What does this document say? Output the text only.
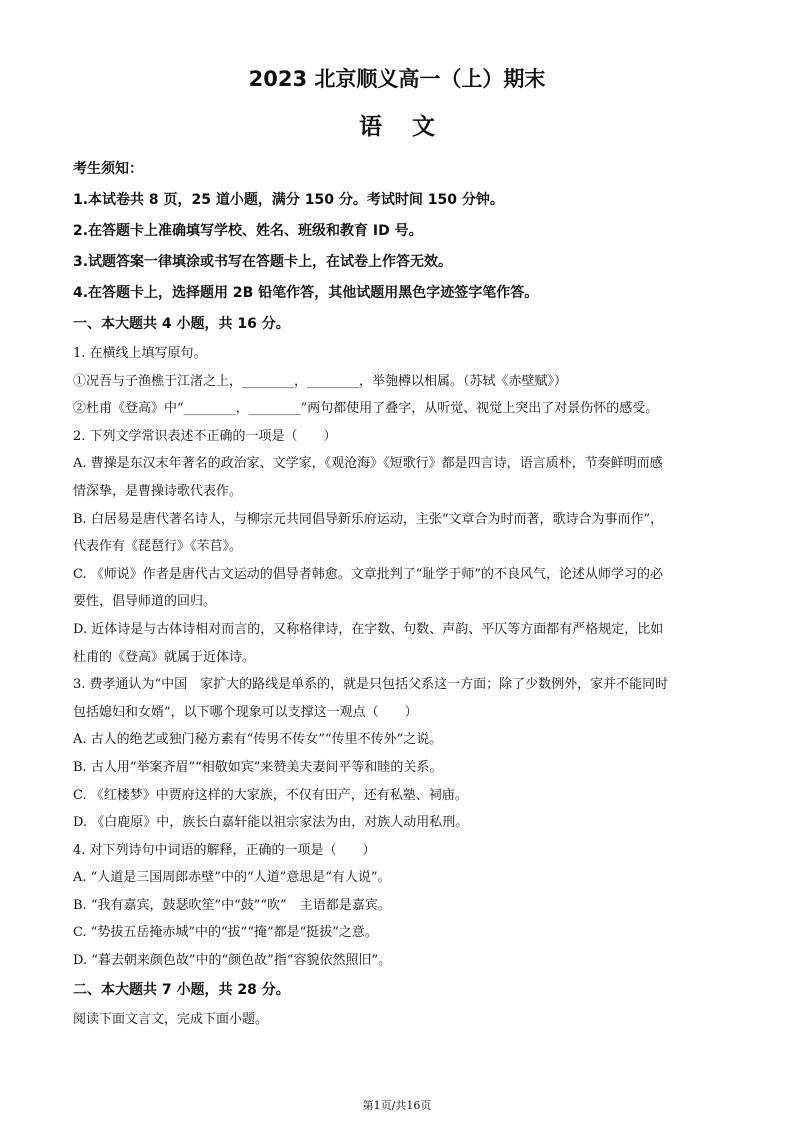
2023 北京顺义高一（上）期末
语文
考生须知：
1.本试卷共 8 页，25 道小题，满分 150 分。考试时间 150 分钟。
2.在答题卡上准确填写学校、姓名、班级和教育 ID 号。
3.试题答案一律填涂或书写在答题卡上，在试卷上作答无效。
4.在答题卡上，选择题用 2B 铅笔作答，其他试题用黑色字迹签字笔作答。
一、本大题共 4 小题，共 16 分。
1. 在横线上填写原句。
①况吾与子渔樵于江渚之上，________，________，举匏樽以相属。（苏轼《赤壁赋》）
②杜甫《登高》中“________，________”两句都使用了叠字，从听觉、视觉上突出了对景伤怀的感受。
2. 下列文学常识表述不正确的一项是（　　）
A. 曹操是东汉末年著名的政治家、文学家，《观沧海》《短歌行》都是四言诗，语言质朴，节奏鲜明而感
情深挚，是曹操诗歌代表作。
B. 白居易是唐代著名诗人，与柳宗元共同倡导新乐府运动，主张“文章合为时而著，歌诗合为事而作”，
代表作有《琵琶行》《芣苢》。
C. 《师说》作者是唐代古文运动的倡导者韩愈。文章批判了“耻学于师”的不良风气，论述从师学习的必
要性，倡导师道的回归。
D. 近体诗是与古体诗相对而言的，又称格律诗，在字数、句数、声韵、平仄等方面都有严格规定，比如
杜甫的《登高》就属于近体诗。
3. 费孝通认为“中国　家扩大的路线是单系的，就是只包括父系这一方面；除了少数例外，家并不能同时
包括媳妇和女婿”，以下哪个现象可以支撑这一观点（　　）
A. 古人的绝艺或独门秘方素有“传男不传女”“传里不传外”之说。
B. 古人用“举案齐眉”“相敬如宾”来赞美夫妻间平等和睦的关系。
C. 《红楼梦》中贾府这样的大家族，不仅有田产，还有私塾、祠庙。
D. 《白鹿原》中，族长白嘉轩能以祖宗家法为由，对族人动用私刑。
4. 对下列诗句中词语的解释，正确的一项是（　　）
A. “人道是三国周郎赤壁”中的“人道”意思是“有人说”。
B. “我有嘉宾，鼓瑟吹笙”中“鼓”“吹”　主语都是嘉宾。
C. “势拔五岳掩赤城”中的“拔”“掩”都是“挺拔”之意。
D. “暮去朝来颜色故”中的“颜色故”指“容貌依然照旧”。
二、本大题共 7 小题，共 28 分。
阅读下面文言文，完成下面小题。
第1页/共16页
